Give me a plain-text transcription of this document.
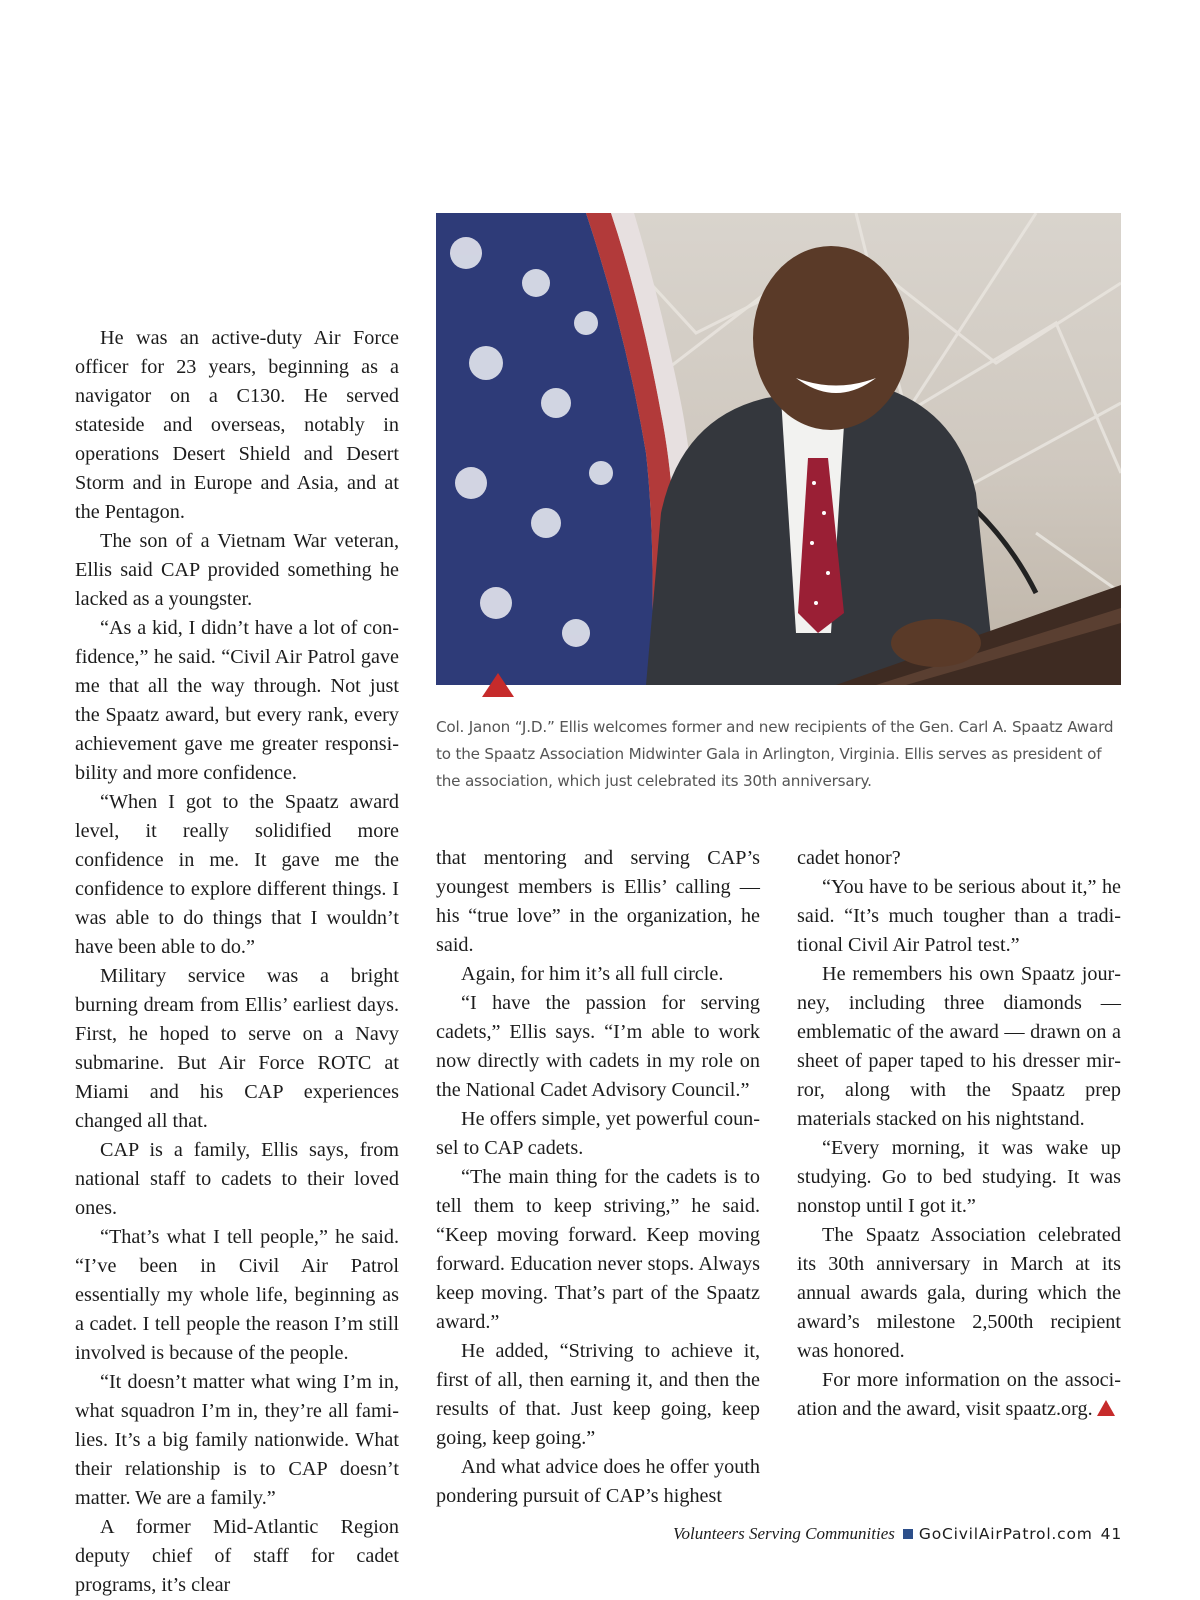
He was an active-duty Air Force officer for 23 years, beginning as a navigator on a C130. He served stateside and overseas, notably in operations Desert Shield and Desert Storm and in Europe and Asia, and at the Pentagon.

The son of a Vietnam War veteran, Ellis said CAP provided something he lacked as a youngster.

“As a kid, I didn’t have a lot of confidence,” he said. “Civil Air Patrol gave me that all the way through. Not just the Spaatz award, but every rank, every achievement gave me greater responsibility and more confidence.

“When I got to the Spaatz award level, it really solidified more confidence in me. It gave me the confidence to explore different things. I was able to do things that I wouldn’t have been able to do.”

Military service was a bright burning dream from Ellis’ earliest days. First, he hoped to serve on a Navy submarine. But Air Force ROTC at Miami and his CAP experiences changed all that.

CAP is a family, Ellis says, from national staff to cadets to their loved ones.

“That’s what I tell people,” he said. “I’ve been in Civil Air Patrol essentially my whole life, beginning as a cadet. I tell people the reason I’m still involved is because of the people.

“It doesn’t matter what wing I’m in, what squadron I’m in, they’re all families. It’s a big family nationwide. What their relationship is to CAP doesn’t matter. We are a family.”

A former Mid-Atlantic Region deputy chief of staff for cadet programs, it’s clear

Col. Janon “J.D.” Ellis welcomes former and new recipients of the Gen. Carl A. Spaatz Award to the Spaatz Association Midwinter Gala in Arlington, Virginia. Ellis serves as president of the association, which just celebrated its 30th anniversary.

that mentoring and serving CAP’s youngest members is Ellis’ calling — his “true love” in the organization, he said.

Again, for him it’s all full circle.

“I have the passion for serving cadets,” Ellis says. “I’m able to work now directly with cadets in my role on the National Cadet Advisory Council.”

He offers simple, yet powerful counsel to CAP cadets.

“The main thing for the cadets is to tell them to keep striving,” he said. “Keep moving forward. Keep moving forward. Education never stops. Always keep moving. That’s part of the Spaatz award.”

He added, “Striving to achieve it, first of all, then earning it, and then the results of that. Just keep going, keep going, keep going.”

And what advice does he offer youth pondering pursuit of CAP’s highest

cadet honor?

“You have to be serious about it,” he said. “It’s much tougher than a traditional Civil Air Patrol test.”

He remembers his own Spaatz journey, including three diamonds — emblematic of the award — drawn on a sheet of paper taped to his dresser mirror, along with the Spaatz prep materials stacked on his nightstand.

“Every morning, it was wake up studying. Go to bed studying. It was nonstop until I got it.”

The Spaatz Association celebrated its 30th anniversary in March at its annual awards gala, during which the award’s milestone 2,500th recipient was honored.

For more information on the association and the award, visit spaatz.org.

Volunteers Serving Communities GoCivilAirPatrol.com 41
